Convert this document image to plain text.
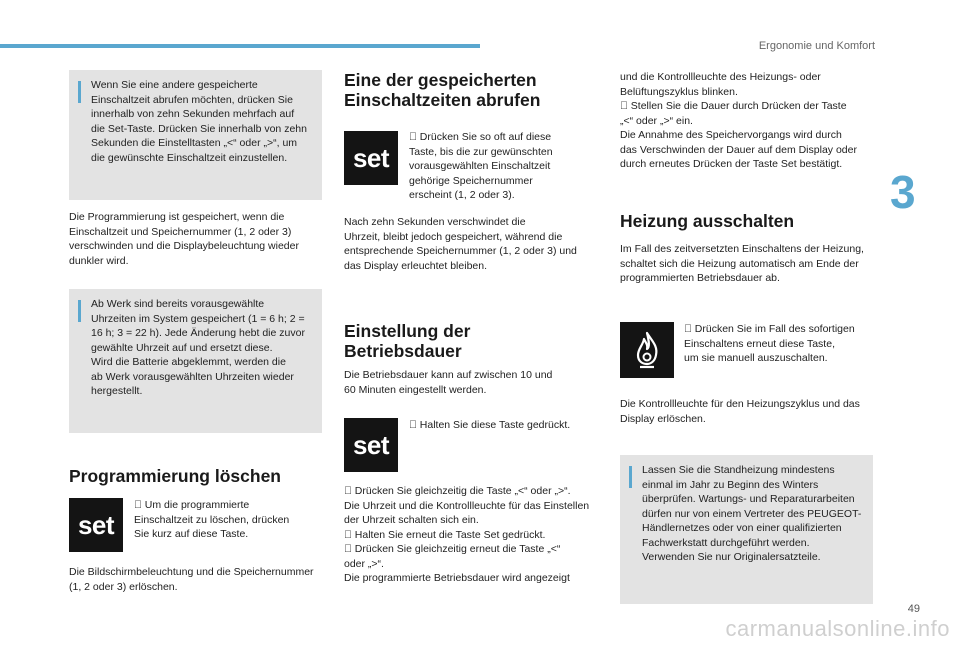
Ergonomie und Komfort
3
Wenn Sie eine andere gespeicherte
Einschaltzeit abrufen möchten, drücken Sie
innerhalb von zehn Sekunden mehrfach auf
die Set-Taste. Drücken Sie innerhalb von zehn
Sekunden die Einstelltasten „<“ oder „>“, um
die gewünschte Einschaltzeit einzustellen.
Die Programmierung ist gespeichert, wenn die
Einschaltzeit und Speichernummer (1, 2 oder 3)
verschwinden und die Displaybeleuchtung wieder
dunkler wird.
Ab Werk sind bereits vorausgewählte
Uhrzeiten im System gespeichert (1 = 6 h; 2 =
16 h; 3 = 22 h). Jede Änderung hebt die zuvor
gewählte Uhrzeit auf und ersetzt diese.
Wird die Batterie abgeklemmt, werden die
ab Werk vorausgewählten Uhrzeiten wieder
hergestellt.
Programmierung löschen
set
Um die programmierte
Einschaltzeit zu löschen, drücken
Sie kurz auf diese Taste.
Die Bildschirmbeleuchtung und die Speichernummer
(1, 2 oder 3) erlöschen.
Eine der gespeicherten
Einschaltzeiten abrufen
set
Drücken Sie so oft auf diese
Taste, bis die zur gewünschten
vorausgewählten Einschaltzeit
gehörige Speichernummer
erscheint (1, 2 oder 3).
Nach zehn Sekunden verschwindet die
Uhrzeit, bleibt jedoch gespeichert, während die
entsprechende Speichernummer (1, 2 oder 3) und
das Display erleuchtet bleiben.
Einstellung der
Betriebsdauer
Die Betriebsdauer kann auf zwischen 10 und
60 Minuten eingestellt werden.
set
Halten Sie diese Taste gedrückt.
Drücken Sie gleichzeitig die Taste „<“ oder „>“.
Die Uhrzeit und die Kontrollleuchte für das Einstellen
der Uhrzeit schalten sich ein.
Halten Sie erneut die Taste Set gedrückt.
Drücken Sie gleichzeitig erneut die Taste „<“
oder „>“.
Die programmierte Betriebsdauer wird angezeigt
und die Kontrollleuchte des Heizungs- oder
Belüftungszyklus blinken.
Stellen Sie die Dauer durch Drücken der Taste
„<“ oder „>“ ein.
Die Annahme des Speichervorgangs wird durch
das Verschwinden der Dauer auf dem Display oder
durch erneutes Drücken der Taste Set bestätigt.
Heizung ausschalten
Im Fall des zeitversetzten Einschaltens der Heizung,
schaltet sich die Heizung automatisch am Ende der
programmierten Betriebsdauer ab.
Drücken Sie im Fall des sofortigen
Einschaltens erneut diese Taste,
um sie manuell auszuschalten.
Die Kontrollleuchte für den Heizungszyklus und das
Display erlöschen.
Lassen Sie die Standheizung mindestens
einmal im Jahr zu Beginn des Winters
überprüfen. Wartungs- und Reparaturarbeiten
dürfen nur von einem Vertreter des PEUGEOT-
Händlernetzes oder von einer qualifizierten
Fachwerkstatt durchgeführt werden.
Verwenden Sie nur Originalersatzteile.
49
carmanualsonline.info
